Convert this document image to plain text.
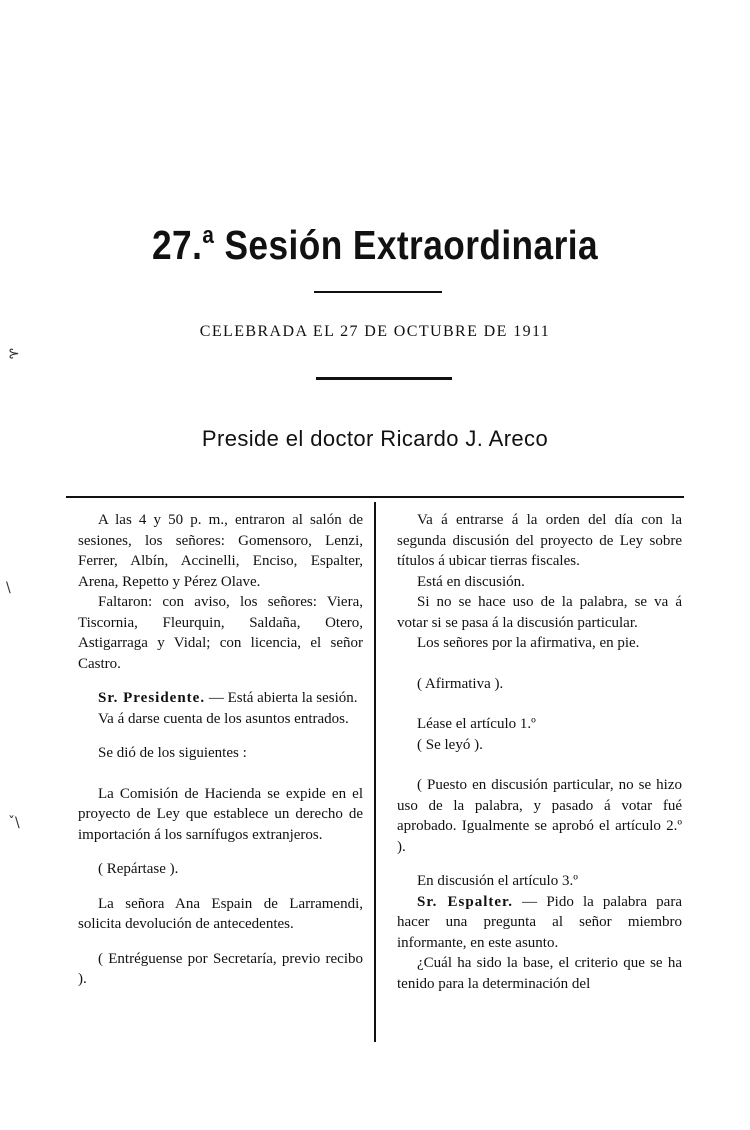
27.$^a$ Sesión Extraordinaria
CELEBRADA EL 27 DE OCTUBRE DE 1911
Preside el doctor Ricardo J. Areco
⊱
\
ˇ\

A las 4 y 50 p. m., entraron al salón de sesiones, los señores: Gomensoro, Lenzi, Ferrer, Albín, Accinelli, Enciso, Espalter, Arena, Repetto y Pérez Olave.

Faltaron: con aviso, los señores: Viera, Tiscornia, Fleurquin, Saldaña, Otero, Astigarraga y Vidal; con licencia, el señor Castro.

Sr. Presidente. — Está abierta la sesión.

Va á darse cuenta de los asuntos entrados.

Se dió de los siguientes :

La Comisión de Hacienda se expide en el proyecto de Ley que establece un derecho de importación á los sarnífugos extranjeros.

( Repártase ).

La señora Ana Espain de Larramendi, solicita devolución de antecedentes.

( Entréguense por Secretaría, previo recibo ).

Va á entrarse á la orden del día con la segunda discusión del proyecto de Ley sobre títulos á ubicar tierras fiscales.

Está en discusión.

Si no se hace uso de la palabra, se va á votar si se pasa á la discusión particular.

Los señores por la afirmativa, en pie.

( Afirmativa ).

Léase el artículo 1.º

( Se leyó ).

( Puesto en discusión particular, no se hizo uso de la palabra, y pasado á votar fué aprobado. Igualmente se aprobó el artículo 2.º ).

En discusión el artículo 3.º

Sr. Espalter. — Pido la palabra para hacer una pregunta al señor miembro informante, en este asunto.

¿Cuál ha sido la base, el criterio que se ha tenido para la determinación del
